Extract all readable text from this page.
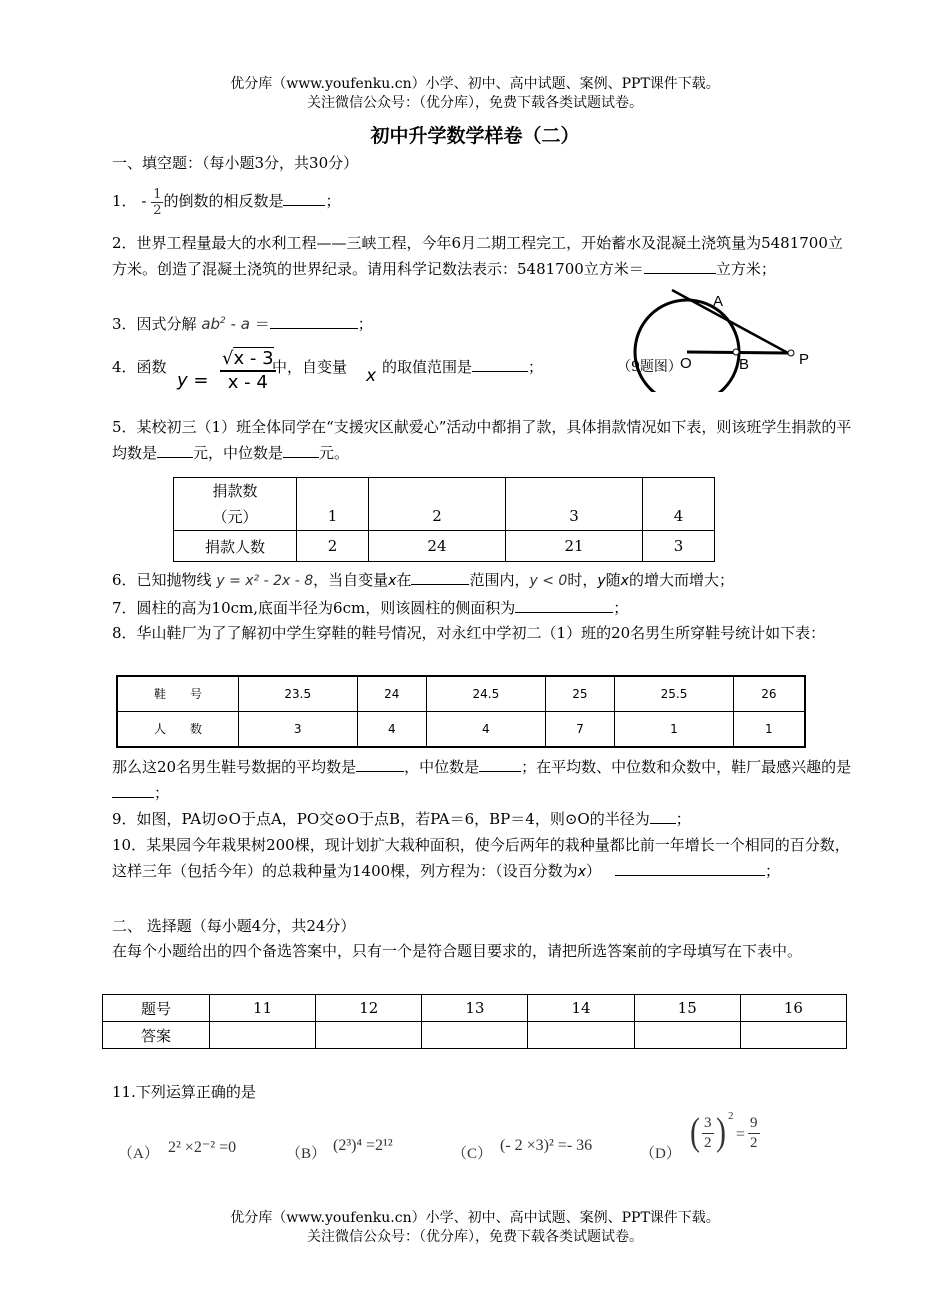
优分库（www.youfenku.cn）小学、初中、高中试题、案例、PPT课件下载。
关注微信公众号：（优分库），免费下载各类试题试卷。
初中升学数学样卷（二）
一、填空题：（每小题3分，共30分）
1． - $\frac{1}{2}$ 的倒数的相反数是	；
2．世界工程量最大的水利工程——三峡工程，今年6月二期工程完工，开始蓄水及混凝土浇筑量为5481700立方米。创造了混凝土浇筑的世界纪录。请用科学记数法表示：5481700立方米＝	立方米；
3．因式分解 $ab^2$ - a ＝	；
4．函数
$y = \frac{√x - 3}{x - 4}$
中，自变量 x 的取值范围是	；	（9题图）
A
O	B	P
5．某校初三（1）班全体同学在“支援灾区献爱心”活动中都捐了款，具体捐款情况如下表，则该班学生捐款的平均数是 元，中位数是 元。
捐款数
（元）	1	2	3	4
捐款人数	2	24	21	3
6．已知抛物线 y = x² - 2x - 8，当自变量x在	范围内，y < 0时，y随x的增大而增大；
7．圆柱的高为10cm,底面半径为6cm，则该圆柱的侧面积为	；
8．华山鞋厂为了了解初中学生穿鞋的鞋号情况，对永红中学初二（1）班的20名男生所穿鞋号统计如下表：
鞋　　号	23.5	24	24.5	25	25.5	26
人　　数	3	4	4	7	1	1
那么这20名男生鞋号数据的平均数是	，中位数是	；在平均数、中位数和众数中，鞋厂最感兴趣的是；
9．如图，PA切⊙O于点A，PO交⊙O于点B，若PA＝6，BP＝4，则⊙O的半径为 ；
10．某果园今年栽果树200棵，现计划扩大栽种面积，使今后两年的栽种量都比前一年增长一个相同的百分数，这样三年（包括今年）的总栽种量为1400棵，列方程为：（设百分数为x）	；
二、 选择题（每小题4分，共24分）
在每个小题给出的四个备选答案中，只有一个是符合题目要求的，请把所选答案前的字母填写在下表中。
题号	11	12	13	14	15	16
答案						
11.下列运算正确的是
（A） 2² ×2⁻² =0	（B） (2³)⁴ =2¹²	（C） (- 2 ×3)² =- 36	（D）
( $\frac{3}{2}$ ) 2
= $\frac{9}{2}$
优分库（www.youfenku.cn）小学、初中、高中试题、案例、PPT课件下载。
关注微信公众号：（优分库），免费下载各类试题试卷。
